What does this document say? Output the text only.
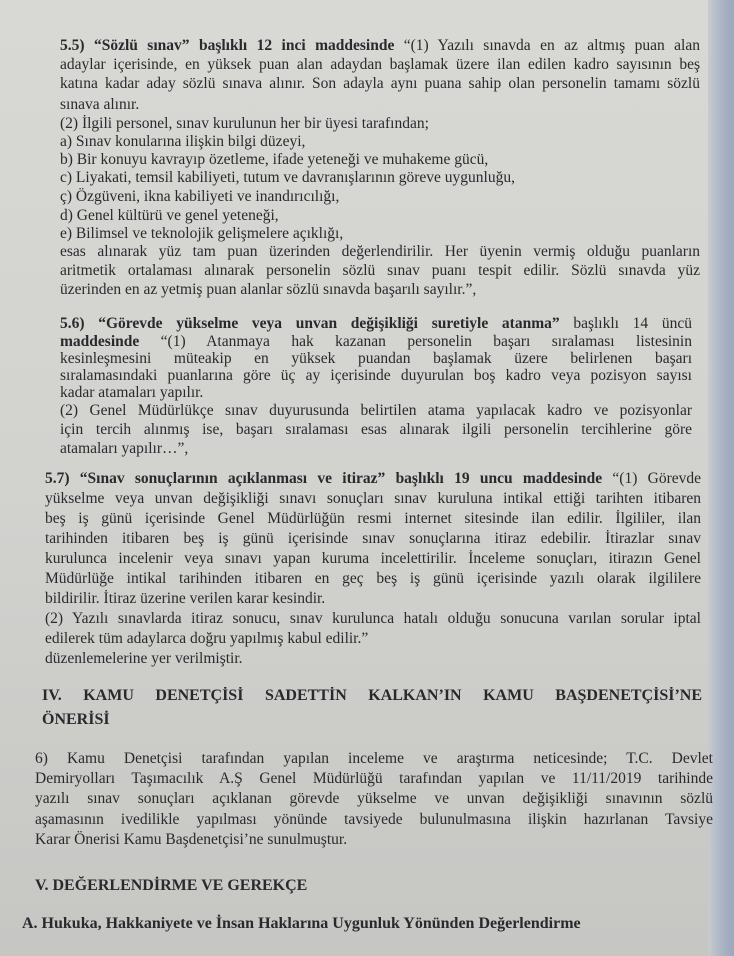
5.5) “Sözlü sınav” başlıklı 12 inci maddesinde “(1) Yazılı sınavda en az altmış puan alan
adaylar içerisinde, en yüksek puan alan adaydan başlamak üzere ilan edilen kadro sayısının beş
katına kadar aday sözlü sınava alınır. Son adayla aynı puana sahip olan personelin tamamı sözlü
sınava alınır.
(2) İlgili personel, sınav kurulunun her bir üyesi tarafından;
a) Sınav konularına ilişkin bilgi düzeyi,
b) Bir konuyu kavrayıp özetleme, ifade yeteneği ve muhakeme gücü,
c) Liyakati, temsil kabiliyeti, tutum ve davranışlarının göreve uygunluğu,
ç) Özgüveni, ikna kabiliyeti ve inandırıcılığı,
d) Genel kültürü ve genel yeteneği,
e) Bilimsel ve teknolojik gelişmelere açıklığı,
esas alınarak yüz tam puan üzerinden değerlendirilir. Her üyenin vermiş olduğu puanların
aritmetik ortalaması alınarak personelin sözlü sınav puanı tespit edilir. Sözlü sınavda yüz
üzerinden en az yetmiş puan alanlar sözlü sınavda başarılı sayılır.”,
5.6) “Görevde yükselme veya unvan değişikliği suretiyle atanma” başlıklı 14 üncü
maddesinde “(1) Atanmaya hak kazanan personelin başarı sıralaması listesinin
kesinleşmesini müteakip en yüksek puandan başlamak üzere belirlenen başarı
sıralamasındaki puanlarına göre üç ay içerisinde duyurulan boş kadro veya pozisyon sayısı
kadar atamaları yapılır.
(2) Genel Müdürlükçe sınav duyurusunda belirtilen atama yapılacak kadro ve pozisyonlar
için tercih alınmış ise, başarı sıralaması esas alınarak ilgili personelin tercihlerine göre
atamaları yapılır…”,
5.7) “Sınav sonuçlarının açıklanması ve itiraz” başlıklı 19 uncu maddesinde “(1) Görevde
yükselme veya unvan değişikliği sınavı sonuçları sınav kuruluna intikal ettiği tarihten itibaren
beş iş günü içerisinde Genel Müdürlüğün resmi internet sitesinde ilan edilir. İlgililer, ilan
tarihinden itibaren beş iş günü içerisinde sınav sonuçlarına itiraz edebilir. İtirazlar sınav
kurulunca incelenir veya sınavı yapan kuruma incelettirilir. İnceleme sonuçları, itirazın Genel
Müdürlüğe intikal tarihinden itibaren en geç beş iş günü içerisinde yazılı olarak ilgililere
bildirilir. İtiraz üzerine verilen karar kesindir.
(2) Yazılı sınavlarda itiraz sonucu, sınav kurulunca hatalı olduğu sonucuna varılan sorular iptal
edilerek tüm adaylarca doğru yapılmış kabul edilir.”
düzenlemelerine yer verilmiştir.
IV. KAMU DENETÇİSİ SADETTİN KALKAN’IN KAMU BAŞDENETÇİSİ’NE
ÖNERİSİ
6) Kamu Denetçisi tarafından yapılan inceleme ve araştırma neticesinde; T.C. Devlet
Demiryolları Taşımacılık A.Ş Genel Müdürlüğü tarafından yapılan ve 11/11/2019 tarihinde
yazılı sınav sonuçları açıklanan görevde yükselme ve unvan değişikliği sınavının sözlü
aşamasının ivedilikle yapılması yönünde tavsiyede bulunulmasına ilişkin hazırlanan Tavsiye
Karar Önerisi Kamu Başdenetçisi’ne sunulmuştur.
V. DEĞERLENDİRME VE GEREKÇE
A. Hukuka, Hakkaniyete ve İnsan Haklarına Uygunluk Yönünden Değerlendirme
